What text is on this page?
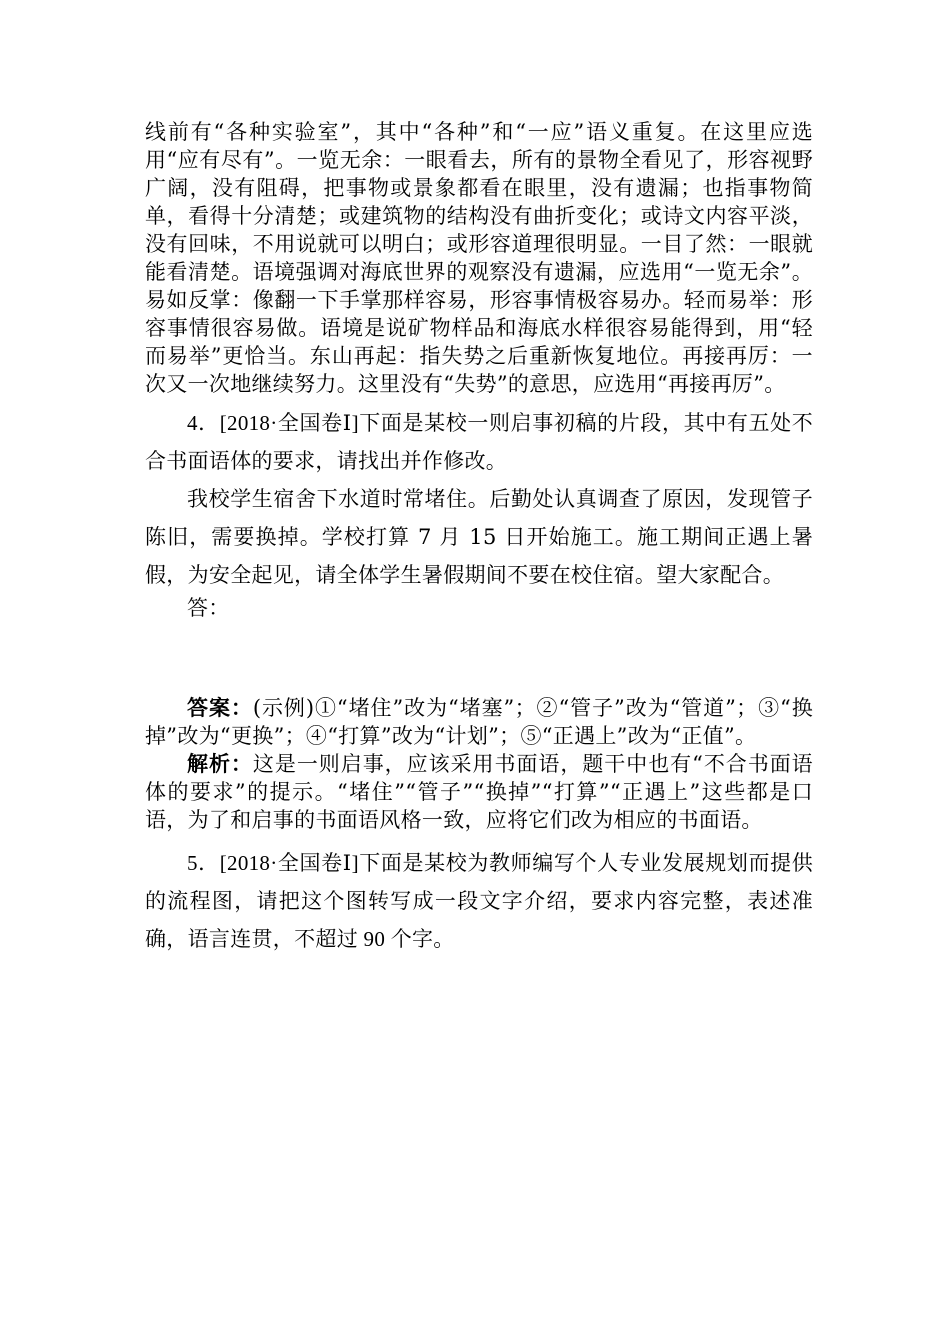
线前有“各种实验室”，其中“各种”和“一应”语义重复。在这里应选用“应有尽有”。一览无余：一眼看去，所有的景物全看见了，形容视野广阔，没有阻碍，把事物或景象都看在眼里，没有遗漏；也指事物简单，看得十分清楚；或建筑物的结构没有曲折变化；或诗文内容平淡，没有回味，不用说就可以明白；或形容道理很明显。一目了然：一眼就能看清楚。语境强调对海底世界的观察没有遗漏，应选用“一览无余”。易如反掌：像翻一下手掌那样容易，形容事情极容易办。轻而易举：形容事情很容易做。语境是说矿物样品和海底水样很容易能得到，用“轻而易举”更恰当。东山再起：指失势之后重新恢复地位。再接再厉：一次又一次地继续努力。这里没有“失势”的意思，应选用“再接再厉”。

4．[2018·全国卷Ⅰ]下面是某校一则启事初稿的片段，其中有五处不合书面语体的要求，请找出并作修改。

我校学生宿舍下水道时常堵住。后勤处认真调查了原因，发现管子陈旧，需要换掉。学校打算 7 月 15 日开始施工。施工期间正遇上暑假，为安全起见，请全体学生暑假期间不要在校住宿。望大家配合。

答：

答案：(示例)①“堵住”改为“堵塞”；②“管子”改为“管道”；③“换掉”改为“更换”；④“打算”改为“计划”；⑤“正遇上”改为“正值”。

解析：这是一则启事，应该采用书面语，题干中也有“不合书面语体的要求”的提示。“堵住”“管子”“换掉”“打算”“正遇上”这些都是口语，为了和启事的书面语风格一致，应将它们改为相应的书面语。

5．[2018·全国卷Ⅰ]下面是某校为教师编写个人专业发展规划而提供的流程图，请把这个图转写成一段文字介绍，要求内容完整，表述准确，语言连贯，不超过 90 个字。
